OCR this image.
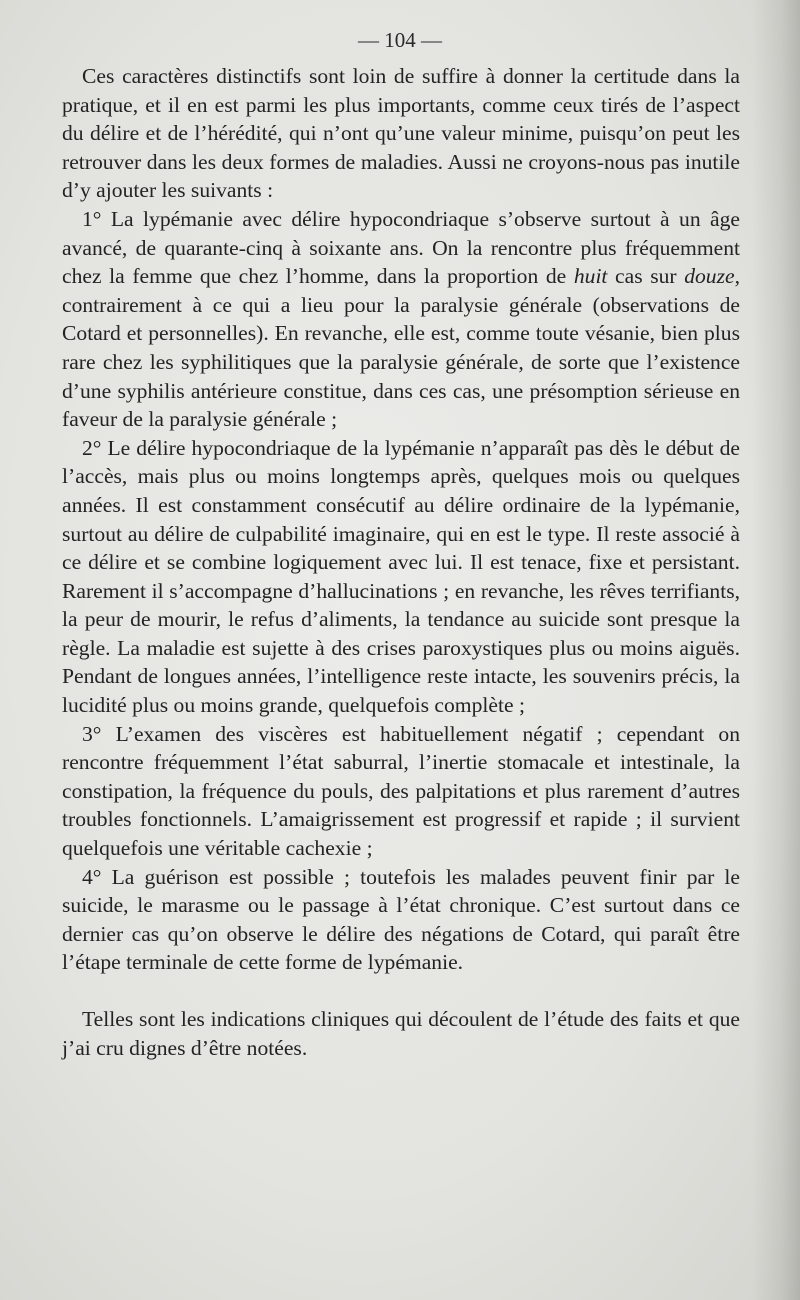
— 104 —

Ces caractères distinctifs sont loin de suffire à donner la certitude dans la pratique, et il en est parmi les plus importants, comme ceux tirés de l’aspect du délire et de l’hérédité, qui n’ont qu’une valeur minime, puisqu’on peut les retrouver dans les deux formes de maladies. Aussi ne croyons-nous pas inutile d’y ajouter les suivants :

1° La lypémanie avec délire hypocondriaque s’observe surtout à un âge avancé, de quarante-cinq à soixante ans. On la rencontre plus fréquemment chez la femme que chez l’homme, dans la proportion de huit cas sur douze, contrairement à ce qui a lieu pour la paralysie générale (observations de Cotard et personnelles). En revanche, elle est, comme toute vésanie, bien plus rare chez les syphilitiques que la paralysie générale, de sorte que l’existence d’une syphilis antérieure constitue, dans ces cas, une présomption sérieuse en faveur de la paralysie générale ;

2° Le délire hypocondriaque de la lypémanie n’apparaît pas dès le début de l’accès, mais plus ou moins longtemps après, quelques mois ou quelques années. Il est constamment consécutif au délire ordinaire de la lypémanie, surtout au délire de culpabilité imaginaire, qui en est le type. Il reste associé à ce délire et se combine logiquement avec lui. Il est tenace, fixe et persistant. Rarement il s’accompagne d’hallucinations ; en revanche, les rêves terrifiants, la peur de mourir, le refus d’aliments, la tendance au suicide sont presque la règle. La maladie est sujette à des crises paroxystiques plus ou moins aiguës. Pendant de longues années, l’intelligence reste intacte, les souvenirs précis, la lucidité plus ou moins grande, quelquefois complète ;

3° L’examen des viscères est habituellement négatif ; cependant on rencontre fréquemment l’état saburral, l’inertie stomacale et intestinale, la constipation, la fréquence du pouls, des palpitations et plus rarement d’autres troubles fonctionnels. L’amaigrissement est progressif et rapide ; il survient quelquefois une véritable cachexie ;

4° La guérison est possible ; toutefois les malades peuvent finir par le suicide, le marasme ou le passage à l’état chronique. C’est surtout dans ce dernier cas qu’on observe le délire des négations de Cotard, qui paraît être l’étape terminale de cette forme de lypémanie.

Telles sont les indications cliniques qui découlent de l’étude des faits et que j’ai cru dignes d’être notées.
